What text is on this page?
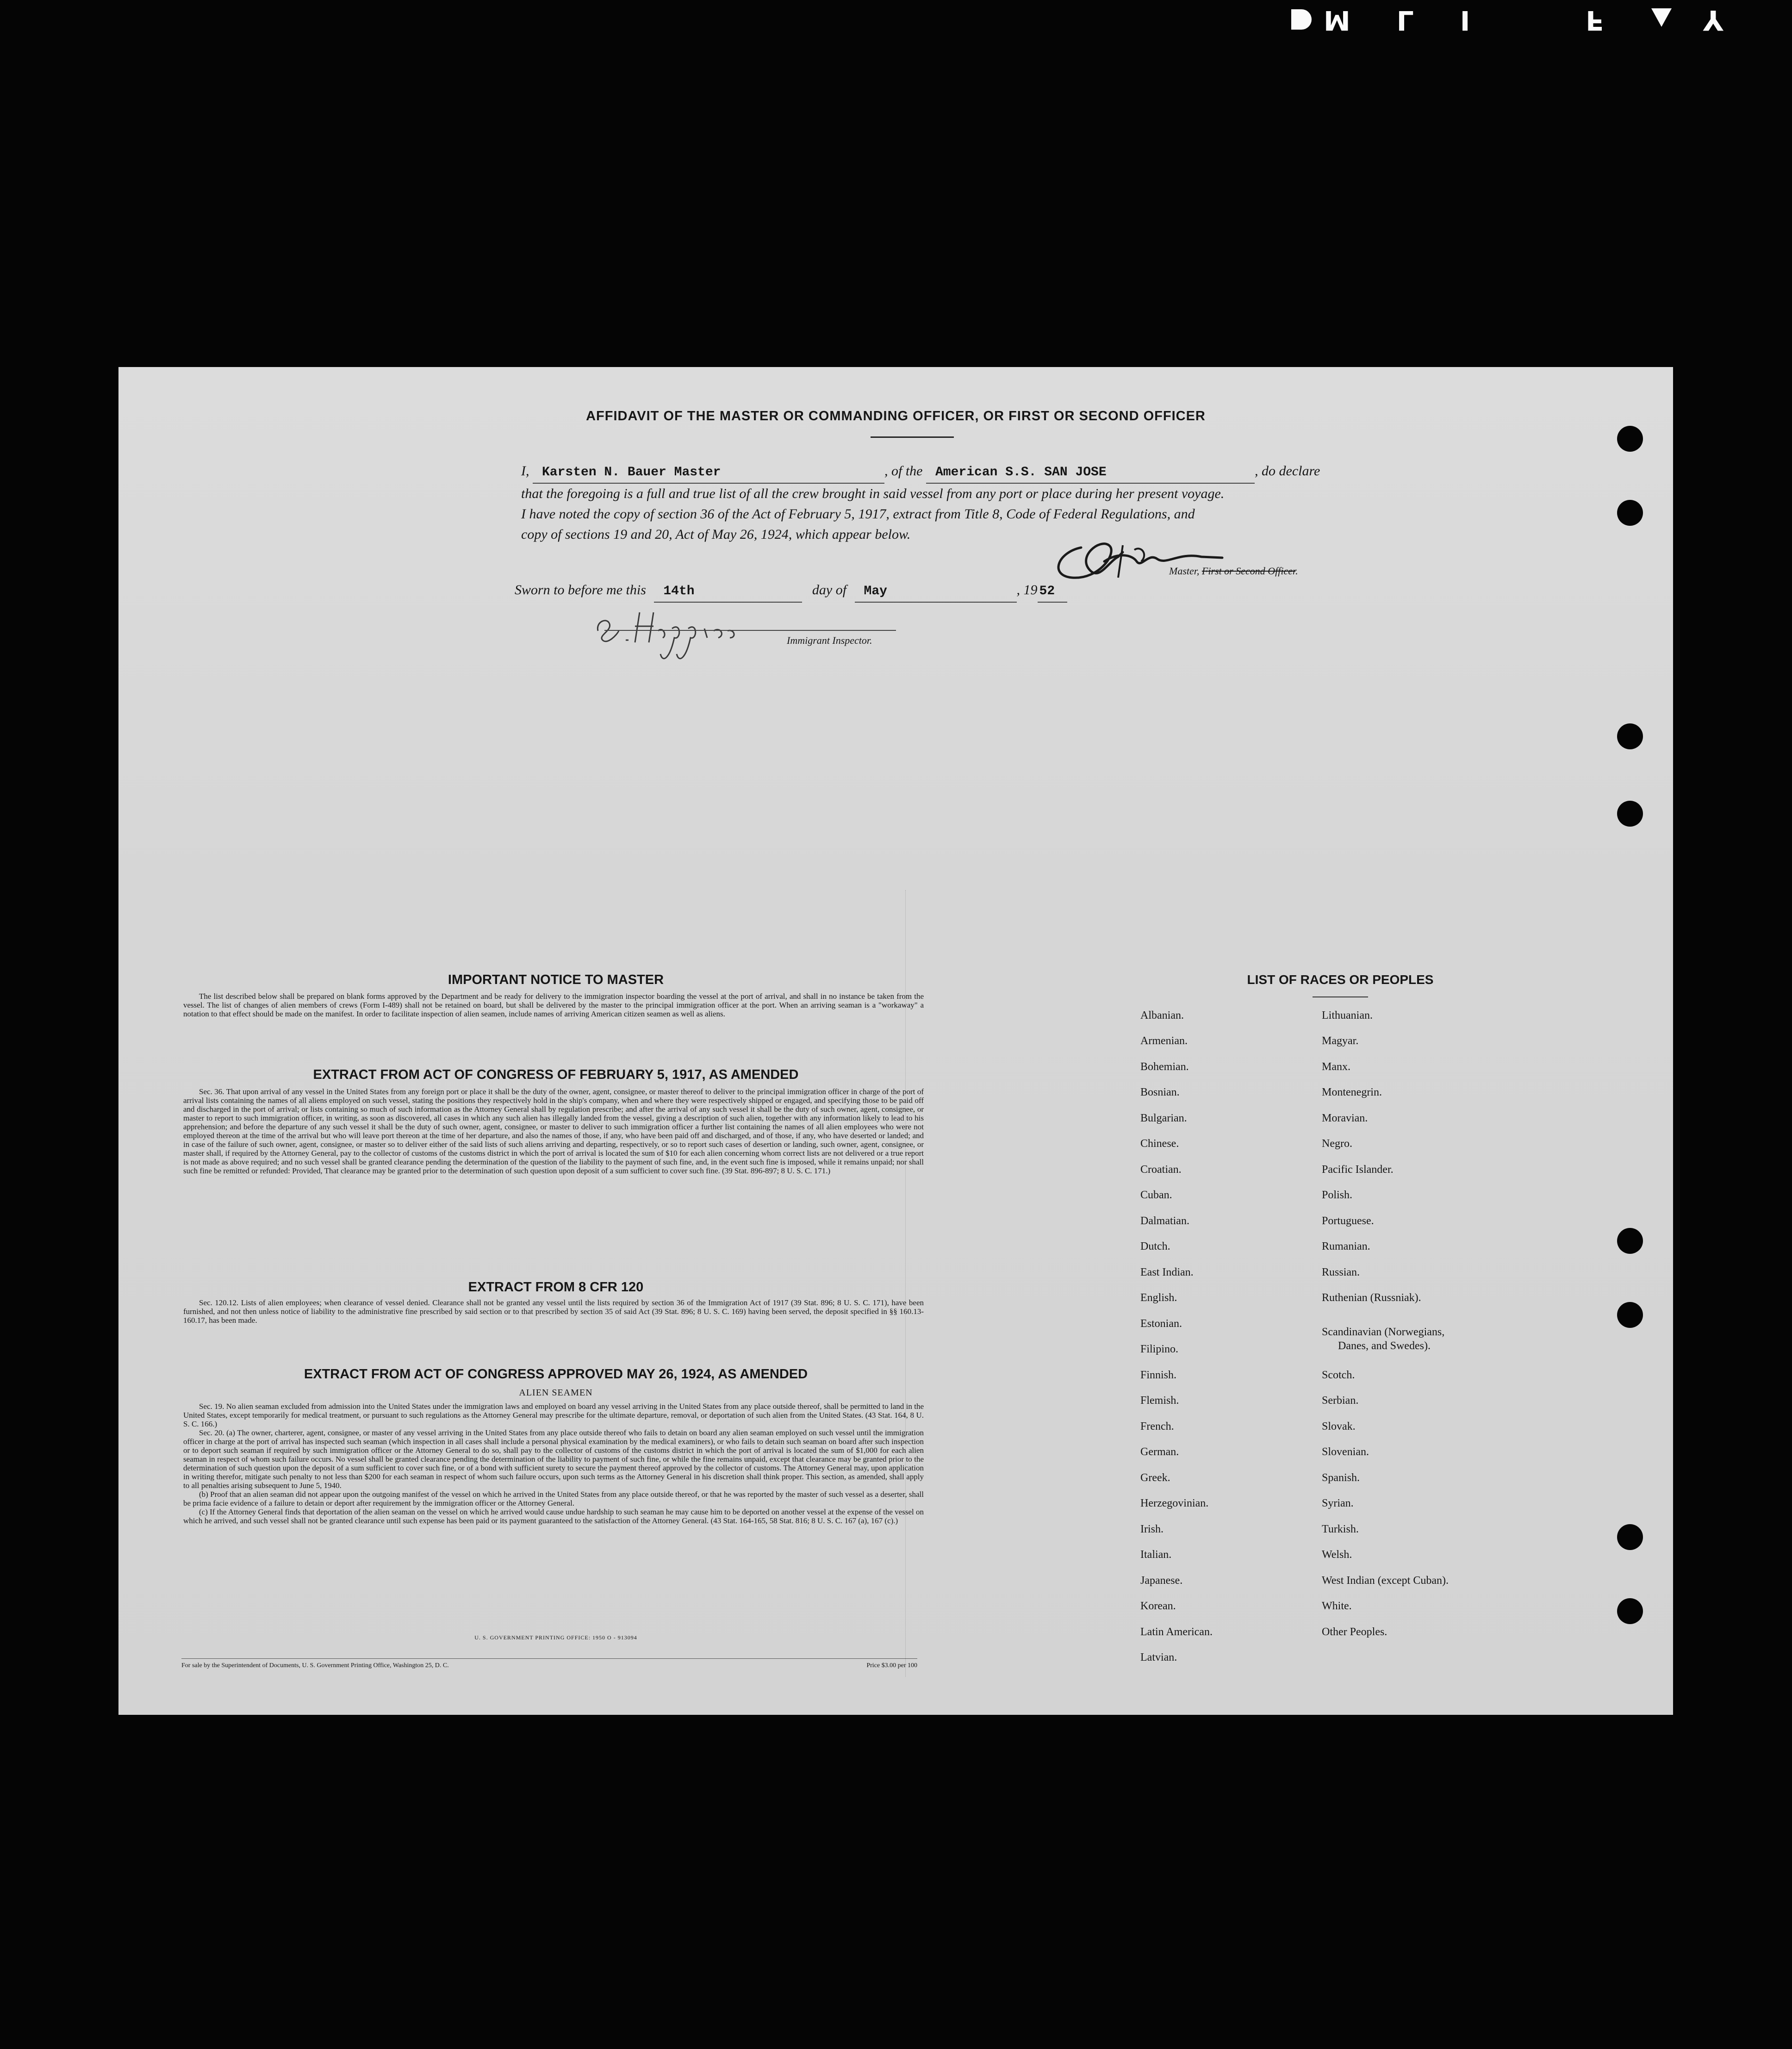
M L I	F	Y
AFFIDAVIT OF THE MASTER OR COMMANDING OFFICER, OR FIRST OR SECOND OFFICER
I, Karsten N. Bauer Master	, of the American S.S. SAN JOSE	, do declare
that the foregoing is a full and true list of all the crew brought in said vessel from any port or place during her present voyage.
I have noted the copy of section 36 of the Act of February 5, 1917, extract from Title 8, Code of Federal Regulations, and
copy of sections 19 and 20, Act of May 26, 1924, which appear below.
Master, First or Second Officer.
Sworn to before me this 14th	day of May	, 19 52
Immigrant Inspector.
IMPORTANT NOTICE TO MASTER

The list described below shall be prepared on blank forms approved by the Department and be ready for delivery to the immigration inspector boarding the vessel at the port of arrival, and shall in no instance be taken from the vessel. The list of changes of alien members of crews (Form I-489) shall not be retained on board, but shall be delivered by the master to the principal immigration officer at the port. When an arriving seaman is a "workaway" a notation to that effect should be made on the manifest. In order to facilitate inspection of alien seamen, include names of arriving American citizen seamen as well as aliens.

EXTRACT FROM ACT OF CONGRESS OF FEBRUARY 5, 1917, AS AMENDED

Sec. 36. That upon arrival of any vessel in the United States from any foreign port or place it shall be the duty of the owner, agent, consignee, or master thereof to deliver to the principal immigration officer in charge of the port of arrival lists containing the names of all aliens employed on such vessel, stating the positions they respectively hold in the ship's company, when and where they were respectively shipped or engaged, and specifying those to be paid off and discharged in the port of arrival; or lists containing so much of such information as the Attorney General shall by regulation prescribe; and after the arrival of any such vessel it shall be the duty of such owner, agent, consignee, or master to report to such immigration officer, in writing, as soon as discovered, all cases in which any such alien has illegally landed from the vessel, giving a description of such alien, together with any information likely to lead to his apprehension; and before the departure of any such vessel it shall be the duty of such owner, agent, consignee, or master to deliver to such immigration officer a further list containing the names of all alien employees who were not employed thereon at the time of the arrival but who will leave port thereon at the time of her departure, and also the names of those, if any, who have been paid off and discharged, and of those, if any, who have deserted or landed; and in case of the failure of such owner, agent, consignee, or master so to deliver either of the said lists of such aliens arriving and departing, respectively, or so to report such cases of desertion or landing, such owner, agent, consignee, or master shall, if required by the Attorney General, pay to the collector of customs of the customs district in which the port of arrival is located the sum of $10 for each alien concerning whom correct lists are not delivered or a true report is not made as above required; and no such vessel shall be granted clearance pending the determination of the question of the liability to the payment of such fine, and, in the event such fine is imposed, while it remains unpaid; nor shall such fine be remitted or refunded: Provided, That clearance may be granted prior to the determination of such question upon deposit of a sum sufficient to cover such fine. (39 Stat. 896-897; 8 U. S. C. 171.)

EXTRACT FROM 8 CFR 120

Sec. 120.12. Lists of alien employees; when clearance of vessel denied. Clearance shall not be granted any vessel until the lists required by section 36 of the Immigration Act of 1917 (39 Stat. 896; 8 U. S. C. 171), have been furnished, and not then unless notice of liability to the administrative fine prescribed by said section or to that prescribed by section 35 of said Act (39 Stat. 896; 8 U. S. C. 169) having been served, the deposit specified in §§ 160.13-160.17, has been made.

EXTRACT FROM ACT OF CONGRESS APPROVED MAY 26, 1924, AS AMENDED
ALIEN SEAMEN

Sec. 19. No alien seaman excluded from admission into the United States under the immigration laws and employed on board any vessel arriving in the United States from any place outside thereof, shall be permitted to land in the United States, except temporarily for medical treatment, or pursuant to such regulations as the Attorney General may prescribe for the ultimate departure, removal, or deportation of such alien from the United States. (43 Stat. 164, 8 U. S. C. 166.)

Sec. 20. (a) The owner, charterer, agent, consignee, or master of any vessel arriving in the United States from any place outside thereof who fails to detain on board any alien seaman employed on such vessel until the immigration officer in charge at the port of arrival has inspected such seaman (which inspection in all cases shall include a personal physical examination by the medical examiners), or who fails to detain such seaman on board after such inspection or to deport such seaman if required by such immigration officer or the Attorney General to do so, shall pay to the collector of customs of the customs district in which the port of arrival is located the sum of $1,000 for each alien seaman in respect of whom such failure occurs. No vessel shall be granted clearance pending the determination of the liability to payment of such fine, or while the fine remains unpaid, except that clearance may be granted prior to the determination of such question upon the deposit of a sum sufficient to cover such fine, or of a bond with sufficient surety to secure the payment thereof approved by the collector of customs. The Attorney General may, upon application in writing therefor, mitigate such penalty to not less than $200 for each seaman in respect of whom such failure occurs, upon such terms as the Attorney General in his discretion shall think proper. This section, as amended, shall apply to all penalties arising subsequent to June 5, 1940.

(b) Proof that an alien seaman did not appear upon the outgoing manifest of the vessel on which he arrived in the United States from any place outside thereof, or that he was reported by the master of such vessel as a deserter, shall be prima facie evidence of a failure to detain or deport after requirement by the immigration officer or the Attorney General.

(c) If the Attorney General finds that deportation of the alien seaman on the vessel on which he arrived would cause undue hardship to such seaman he may cause him to be deported on another vessel at the expense of the vessel on which he arrived, and such vessel shall not be granted clearance until such expense has been paid or its payment guaranteed to the satisfaction of the Attorney General. (43 Stat. 164-165, 58 Stat. 816; 8 U. S. C. 167 (a), 167 (c).)

U. S. GOVERNMENT PRINTING OFFICE: 1950 O - 913094
For sale by the Superintendent of Documents, U. S. Government Printing Office, Washington 25, D. C.	Price $3.00 per 100
LIST OF RACES OR PEOPLES
Albanian.
Armenian.
Bohemian.
Bosnian.
Bulgarian.
Chinese.
Croatian.
Cuban.
Dalmatian.
Dutch.
East Indian.
English.
Estonian.
Filipino.
Finnish.
Flemish.
French.
German.
Greek.
Herzegovinian.
Irish.
Italian.
Japanese.
Korean.
Latin American.
Latvian.
Lithuanian.
Magyar.
Manx.
Montenegrin.
Moravian.
Negro.
Pacific Islander.
Polish.
Portuguese.
Rumanian.
Russian.
Ruthenian (Russniak).
Scandinavian (Norwegians,
Danes, and Swedes).
Scotch.
Serbian.
Slovak.
Slovenian.
Spanish.
Syrian.
Turkish.
Welsh.
West Indian (except Cuban).
White.
Other Peoples.
